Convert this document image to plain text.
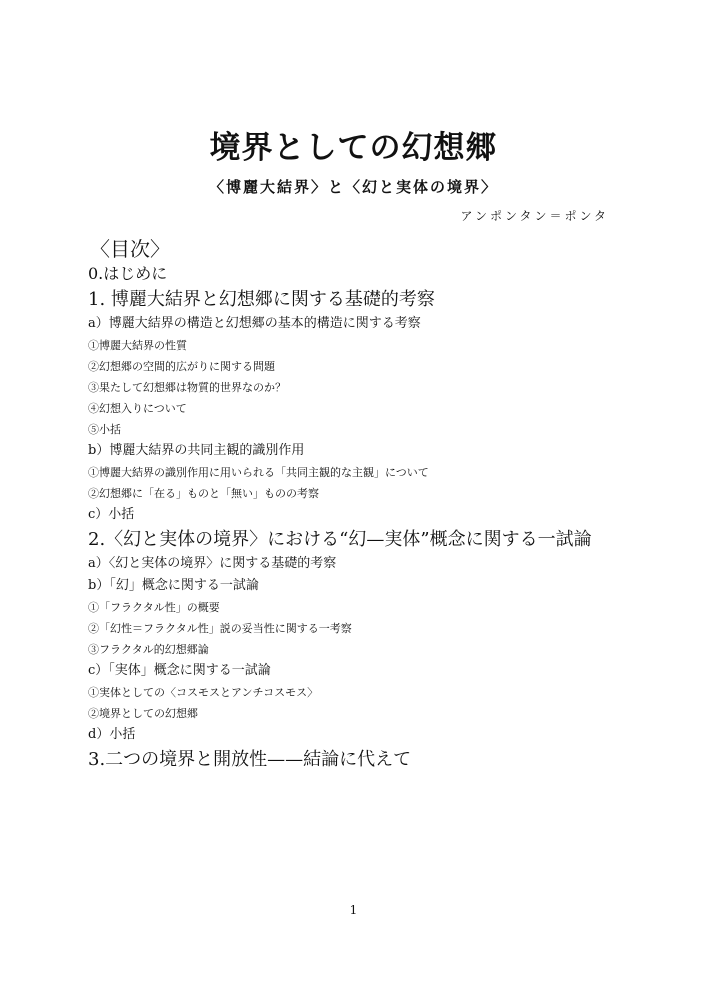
境界としての幻想郷
〈博麗大結界〉と〈幻と実体の境界〉
アンポンタン＝ポンタ
〈目次〉
0.はじめに
1. 博麗大結界と幻想郷に関する基礎的考察
a）博麗大結界の構造と幻想郷の基本的構造に関する考察
①博麗大結界の性質
②幻想郷の空間的広がりに関する問題
③果たして幻想郷は物質的世界なのか？
④幻想入りについて
⑤小括
b）博麗大結界の共同主観的識別作用
①博麗大結界の識別作用に用いられる「共同主観的な主観」について
②幻想郷に「在る」ものと「無い」ものの考察
c）小括
2.〈幻と実体の境界〉における“幻—実体”概念に関する一試論
a）〈幻と実体の境界〉に関する基礎的考察
b）「幻」概念に関する一試論
①「フラクタル性」の概要
②「幻性＝フラクタル性」説の妥当性に関する一考察
③フラクタル的幻想郷論
c）「実体」概念に関する一試論
①実体としての〈コスモスとアンチコスモス〉
②境界としての幻想郷
d）小括
3.二つの境界と開放性——結論に代えて
1
